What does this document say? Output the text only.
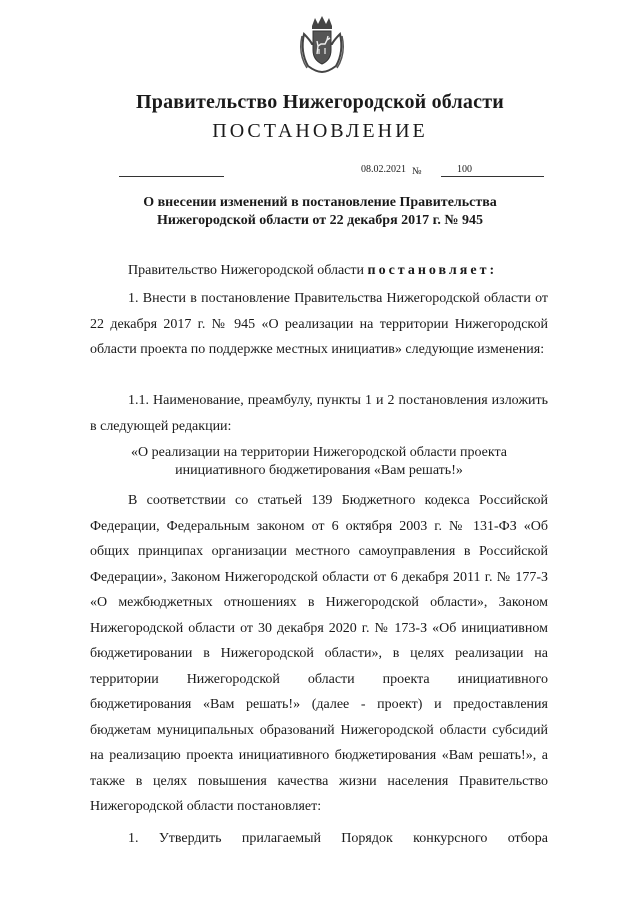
Правительство Нижегородской области
ПОСТАНОВЛЕНИЕ
08.02.2021 №	100
О внесении изменений в постановление Правительства
Нижегородской области от 22 декабря 2017 г. № 945

Правительство Нижегородской области постановляет:

1. Внести в постановление Правительства Нижегородской области от 22 декабря 2017 г. № 945 «О реализации на территории Нижегородской области проекта по поддержке местных инициатив» следующие изменения:

1.1. Наименование, преамбулу, пункты 1 и 2 постановления изложить в следующей редакции:

«О реализации на территории Нижегородской области проекта
инициативного бюджетирования «Вам решать!»

В соответствии со статьей 139 Бюджетного кодекса Российской Федерации, Федеральным законом от 6 октября 2003 г. № 131-ФЗ «Об общих принципах организации местного самоуправления в Российской Федерации», Законом Нижегородской области от 6 декабря 2011 г. № 177-З «О межбюджетных отношениях в Нижегородской области», Законом Нижегородской области от 30 декабря 2020 г. № 173-З «Об инициативном бюджетировании в Нижегородской области», в целях реализации на территории Нижегородской области проекта инициативного бюджетирования «Вам решать!» (далее - проект) и предоставления бюджетам муниципальных образований Нижегородской области субсидий на реализацию проекта инициативного бюджетирования «Вам решать!», а также в целях повышения качества жизни населения Правительство Нижегородской области постановляет:

1. Утвердить прилагаемый Порядок конкурсного отбора
